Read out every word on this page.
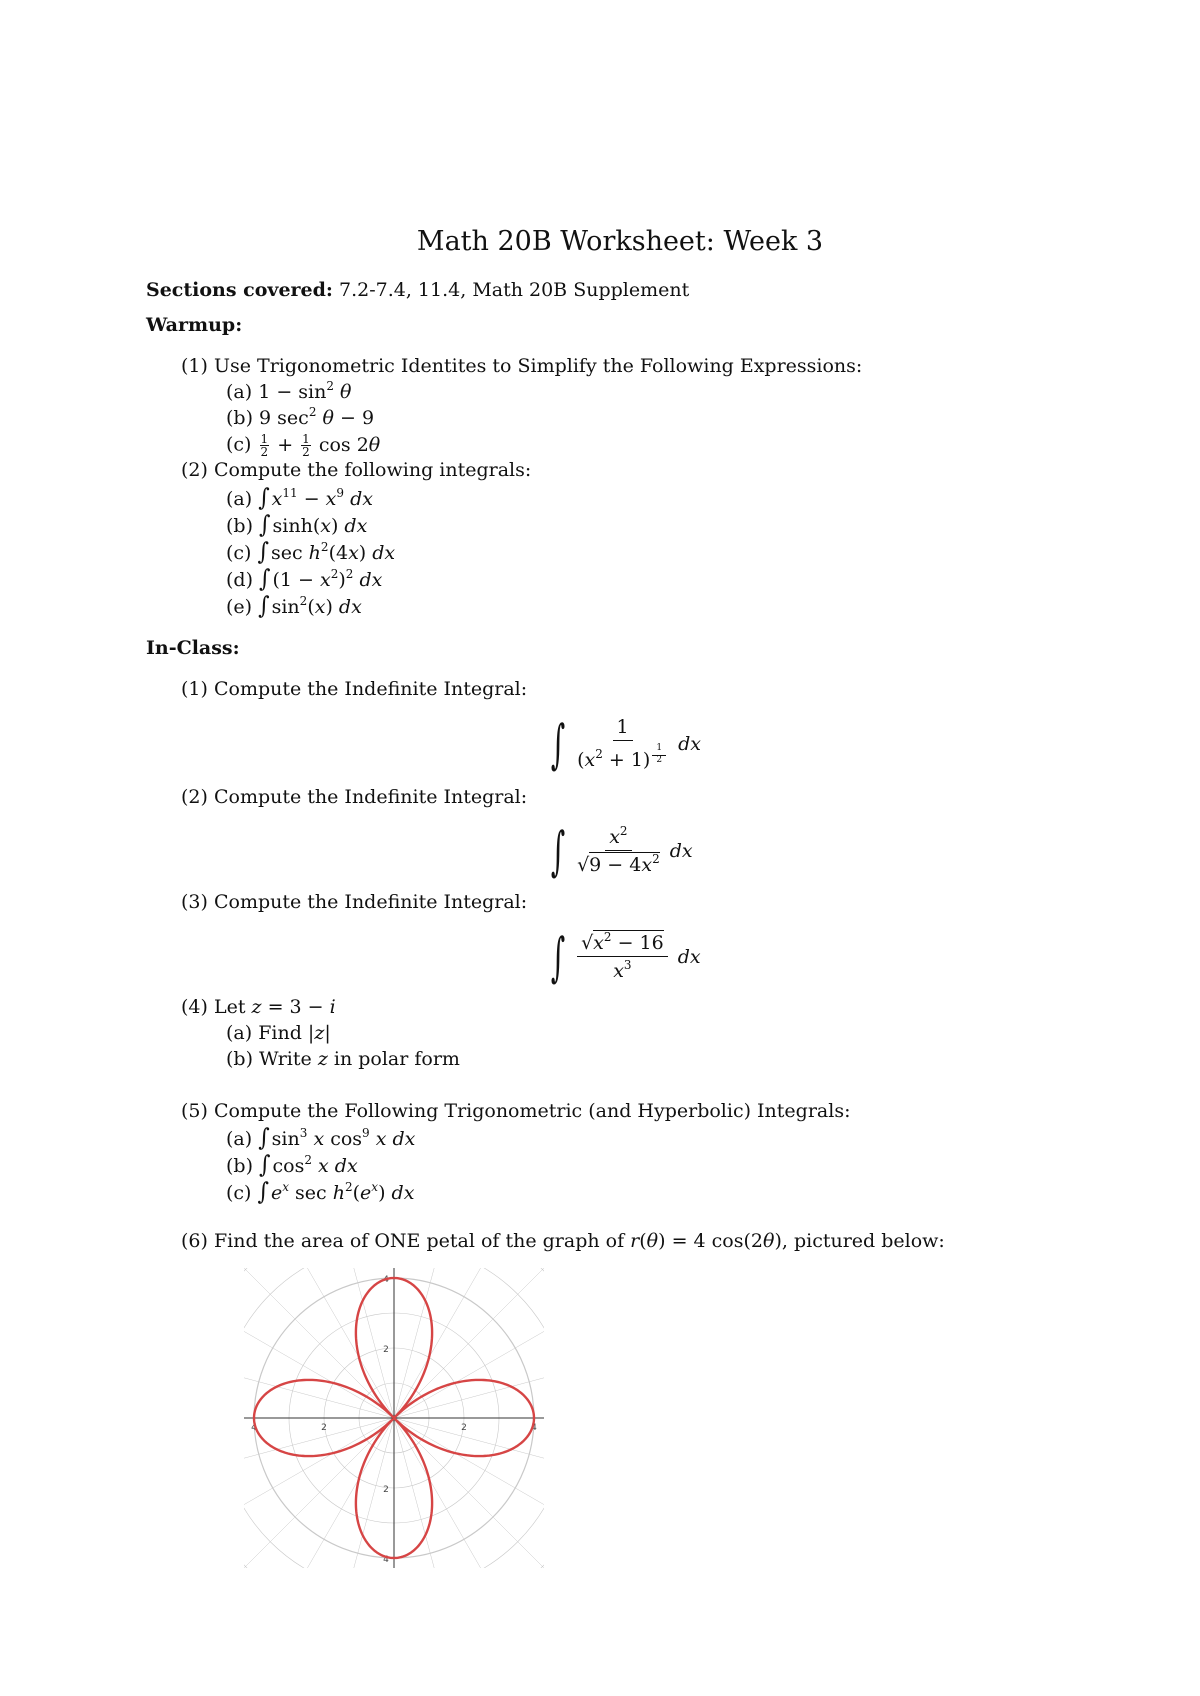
Math 20B Worksheet: Week 3
Sections covered: 7.2-7.4, 11.4, Math 20B Supplement
Warmup:
(1) Use Trigonometric Identites to Simplify the Following Expressions:
(a) $1 - \sin^2 \theta$
(b) 9 $\sec^2 \theta - 9$
$(c) \frac{1}{2} + \frac{1}{2}$ cos 2θ
(2) Compute the following integrals:
(a) ∫ $x^{11} - x^9$ dx
(b) ∫ sinh(x) dx
(c) ∫ $\sec h^2(4x)$ dx
(d) ∫ $(1 - x^2)^2$ dx
(e) ∫ $\sin^2(x)$ dx
In-Class:
(1) Compute the Indefinite Integral:
∫ 1
$(x^2 + 1)$ $^{\frac{1}{2}}$ dx
(2) Compute the Indefinite Integral:
∫ $\frac{x^2}{√9 - 4x^2}$ dx
(3) Compute the Indefinite Integral:
∫ $\frac{√x^2 - 16}{x^3}$ dx
(4) Let z = 3 − i
(a) Find |z|
(b) Write z in polar form
(5) Compute the Following Trigonometric (and Hyperbolic) Integrals:
(a) ∫ $\sin^3 x$ $\cos^9 x$ dx
(b) ∫ $\cos^2 x$ dx
(c) ∫ $e^x$ $\sec h^2(e^x)$ dx
(6) Find the area of ONE petal of the graph of r(θ) = 4 cos(2θ), pictured below:
2	4
2
4
2
4
2
4
